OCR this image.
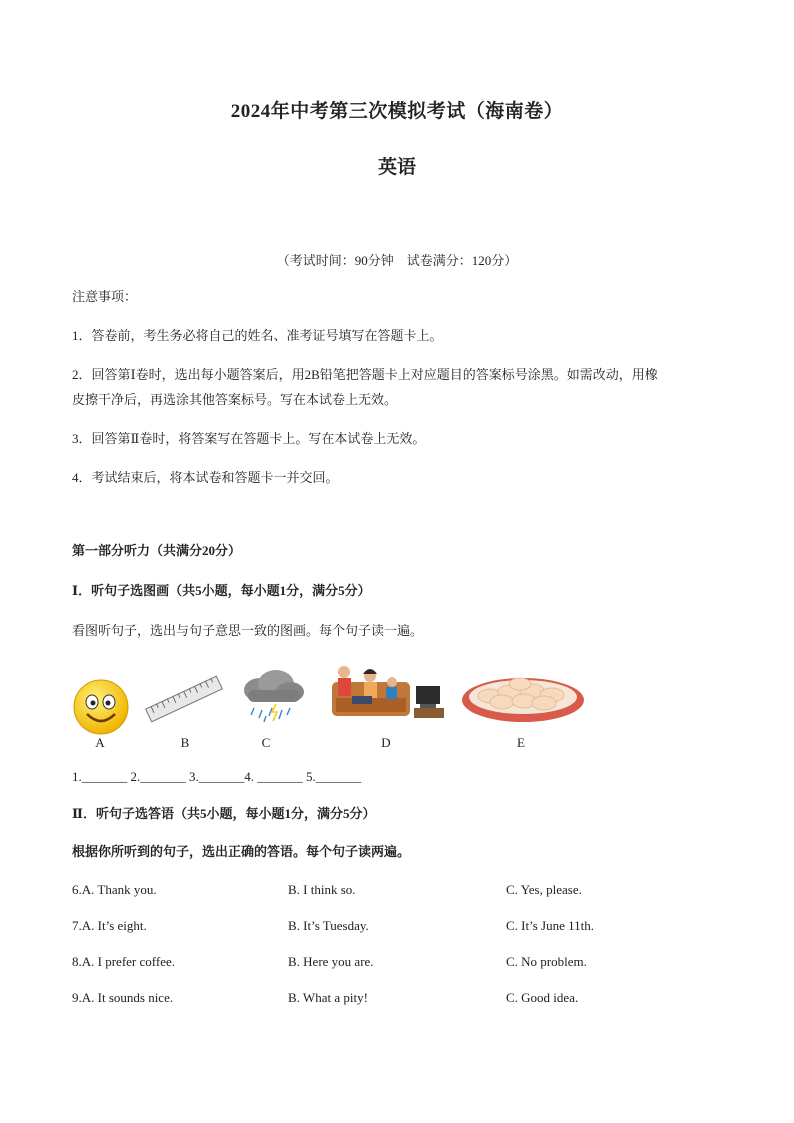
2024年中考第三次模拟考试（海南卷）
英语
（考试时间：90分钟　试卷满分：120分）
注意事项：
1．答卷前，考生务必将自己的姓名、准考证号填写在答题卡上。
2．回答第Ⅰ卷时，选出每小题答案后，用2B铅笔把答题卡上对应题目的答案标号涂黑。如需改动，用橡
皮擦干净后，再选涂其他答案标号。写在本试卷上无效。
3．回答第Ⅱ卷时，将答案写在答题卡上。写在本试卷上无效。
4．考试结束后，将本试卷和答题卡一并交回。
第一部分听力（共满分20分）
Ⅰ．听句子选图画（共5小题，每小题1分，满分5分）
看图听句子，选出与句子意思一致的图画。每个句子读一遍。
A	B	C	D	E
1._______ 2._______ 3._______4. _______ 5._______
Ⅱ．听句子选答语（共5小题，每小题1分，满分5分）
根据你所听到的句子，选出正确的答语。每个句子读两遍。
6.A. Thank you.	B. I think so.	C. Yes, please.
7.A. It’s eight.	B. It’s Tuesday.	C. It’s June 11th.
8.A. I prefer coffee.	B. Here you are.	C. No problem.
9.A. It sounds nice.	B. What a pity!	C. Good idea.
